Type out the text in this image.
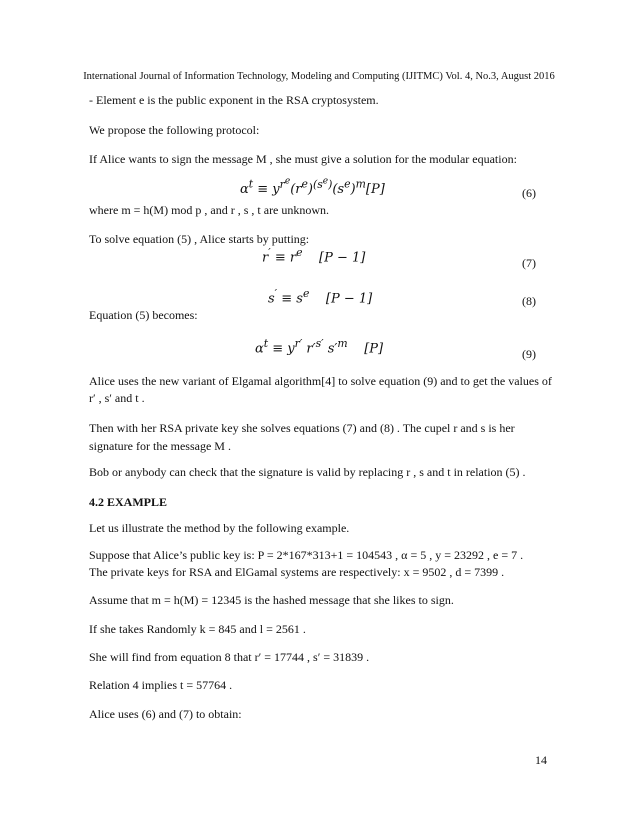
International Journal of Information Technology, Modeling and Computing (IJITMC) Vol. 4, No.3, August 2016
- Element e is the public exponent in the RSA cryptosystem.
We propose the following protocol:
If Alice wants to sign the message M , she must give a solution for the modular equation:
$\alpha^t \equiv y^{r^e}(r^e)^{(s^e)}(s^e)^m[P]$	(6)
where m = h(M) mod p , and r , s , t are unknown.
To solve equation (5) , Alice starts by putting:
$r' \equiv r^e$    [P − 1]	(7)
$s' \equiv s^e$    [P − 1]	(8)
Equation (5) becomes:
$\alpha^t \equiv y^{r'}$ $r'^{s'}$ $s'^m$    [P]	(9)
Alice uses the new variant of Elgamal algorithm[4] to solve equation (9) and to get the values of
r′ , s′ and t .
Then with her RSA private key she solves equations (7) and (8) . The cupel r and s is her
signature for the message M .
Bob or anybody can check that the signature is valid by replacing r , s and t in relation (5) .
4.2 EXAMPLE
Let us illustrate the method by the following example.
Suppose that Alice’s public key is: P = 2*167*313+1 = 104543 , α = 5 , y = 23292 , e = 7 .
The private keys for RSA and ElGamal systems are respectively: x = 9502 , d = 7399 .
Assume that m = h(M) = 12345 is the hashed message that she likes to sign.
If she takes Randomly k = 845 and l = 2561 .
She will find from equation 8 that r′ = 17744 , s′ = 31839 .
Relation 4 implies t = 57764 .
Alice uses (6) and (7) to obtain:
14
